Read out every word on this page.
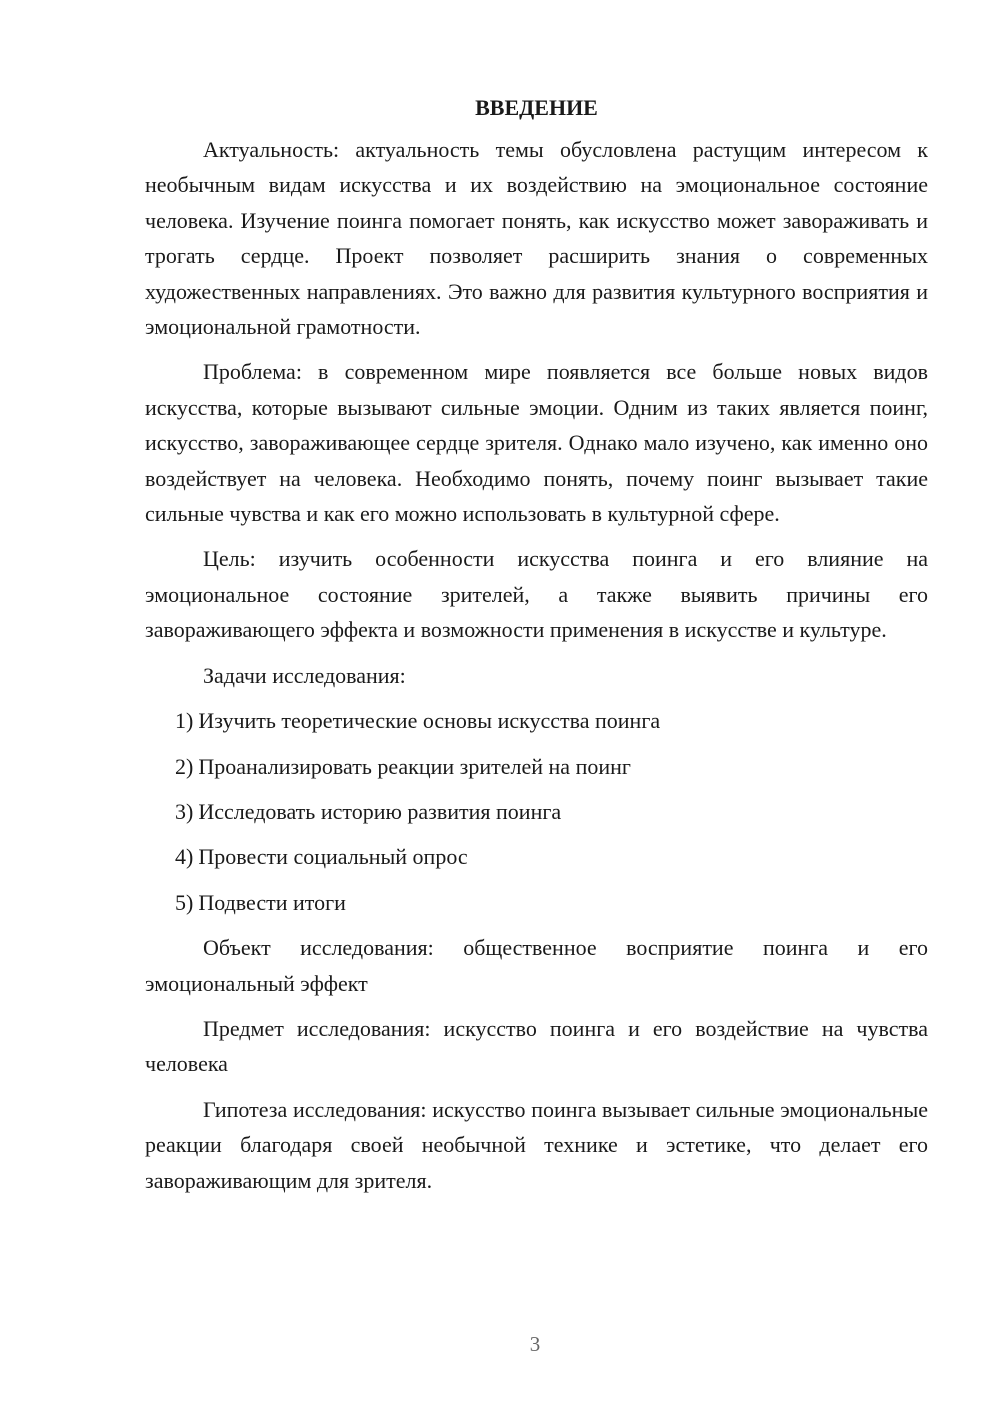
ВВЕДЕНИЕ

Актуальность: актуальность темы обусловлена растущим интересом к необычным видам искусства и их воздействию на эмоциональное состояние человека. Изучение поинга помогает понять, как искусство может завораживать и трогать сердце. Проект позволяет расширить знания о современных художественных направлениях. Это важно для развития культурного восприятия и эмоциональной грамотности.

Проблема: в современном мире появляется все больше новых видов искусства, которые вызывают сильные эмоции. Одним из таких является поинг, искусство, завораживающее сердце зрителя. Однако мало изучено, как именно оно воздействует на человека. Необходимо понять, почему поинг вызывает такие сильные чувства и как его можно использовать в культурной сфере.

Цель: изучить особенности искусства поинга и его влияние на эмоциональное состояние зрителей, а также выявить причины его завораживающего эффекта и возможности применения в искусстве и культуре.

Задачи исследования:
1) Изучить теоретические основы искусства поинга
2) Проанализировать реакции зрителей на поинг
3) Исследовать историю развития поинга
4) Провести социальный опрос
5) Подвести итоги

Объект исследования: общественное восприятие поинга и его эмоциональный эффект

Предмет исследования: искусство поинга и его воздействие на чувства человека

Гипотеза исследования: искусство поинга вызывает сильные эмоциональные реакции благодаря своей необычной технике и эстетике, что делает его завораживающим для зрителя.

3
